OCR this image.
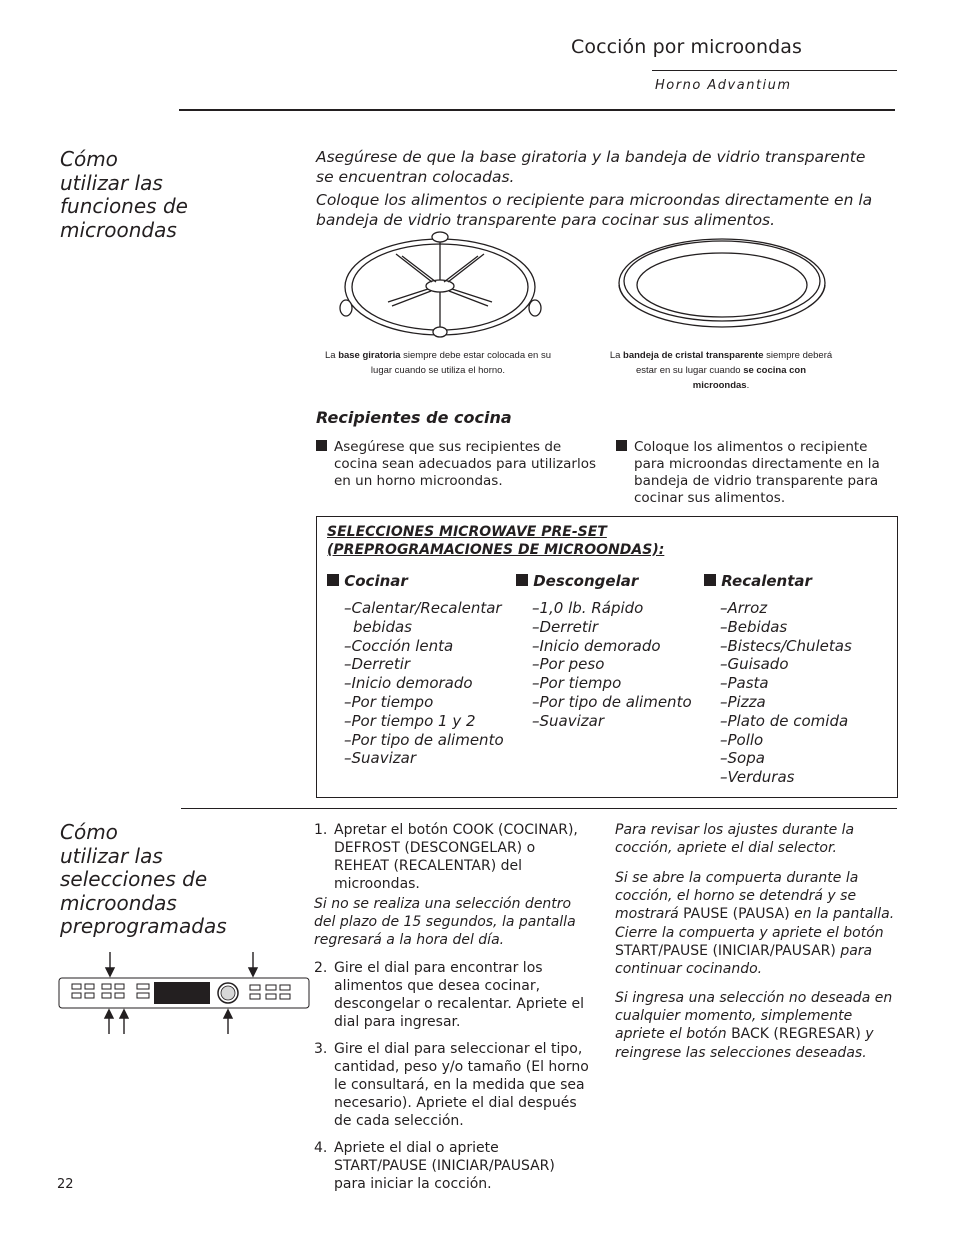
Cocción por microondas
Horno Advantium
Cómo
utilizar las
funciones de
microondas
Asegúrese de que la base giratoria y la bandeja de vidrio transparente se encuentran colocadas.
Coloque los alimentos o recipiente para microondas directamente en la bandeja de vidrio transparente para cocinar sus alimentos.
La base giratoria siempre debe estar colocada en su lugar cuando se utiliza el horno.
La bandeja de cristal transparente siempre deberá estar en su lugar cuando se cocina con microondas.
Recipientes de cocina
Asegúrese que sus recipientes de cocina sean adecuados para utilizarlos en un horno microondas.
Coloque los alimentos o recipiente para microondas directamente en la bandeja de vidrio transparente para cocinar sus alimentos.
SELECCIONES MICROWAVE PRE-SET (PREPROGRAMACIONES DE MICROONDAS):
Cocinar
–Calentar/Recalentar
bebidas
–Cocción lenta
–Derretir
–Inicio demorado
–Por tiempo
–Por tiempo 1 y 2
–Por tipo de alimento
–Suavizar
Descongelar
–1,0 lb. Rápido
–Derretir
–Inicio demorado
–Por peso
–Por tiempo
–Por tipo de alimento
–Suavizar
Recalentar
–Arroz
–Bebidas
–Bistecs/Chuletas
–Guisado
–Pasta
–Pizza
–Plato de comida
–Pollo
–Sopa
–Verduras
Cómo
utilizar las
selecciones de
microondas
preprogramadas
1. Apretar el botón COOK (COCINAR), DEFROST (DESCONGELAR) o REHEAT (RECALENTAR) del microondas.
Si no se realiza una selección dentro del plazo de 15 segundos, la pantalla regresará a la hora del día.
2. Gire el dial para encontrar los alimentos que desea cocinar, descongelar o recalentar. Apriete el dial para ingresar.
3. Gire el dial para seleccionar el tipo, cantidad, peso y/o tamaño (El horno le consultará, en la medida que sea necesario). Apriete el dial después de cada selección.
4. Apriete el dial o apriete START/PAUSE (INICIAR/PAUSAR) para iniciar la cocción.
Para revisar los ajustes durante la cocción, apriete el dial selector.
Si se abre la compuerta durante la cocción, el horno se detendrá y se mostrará PAUSE (PAUSA) en la pantalla. Cierre la compuerta y apriete el botón START/PAUSE (INICIAR/PAUSAR) para continuar cocinando.
Si ingresa una selección no deseada en cualquier momento, simplemente apriete el botón BACK (REGRESAR) y reingrese las selecciones deseadas.
22
